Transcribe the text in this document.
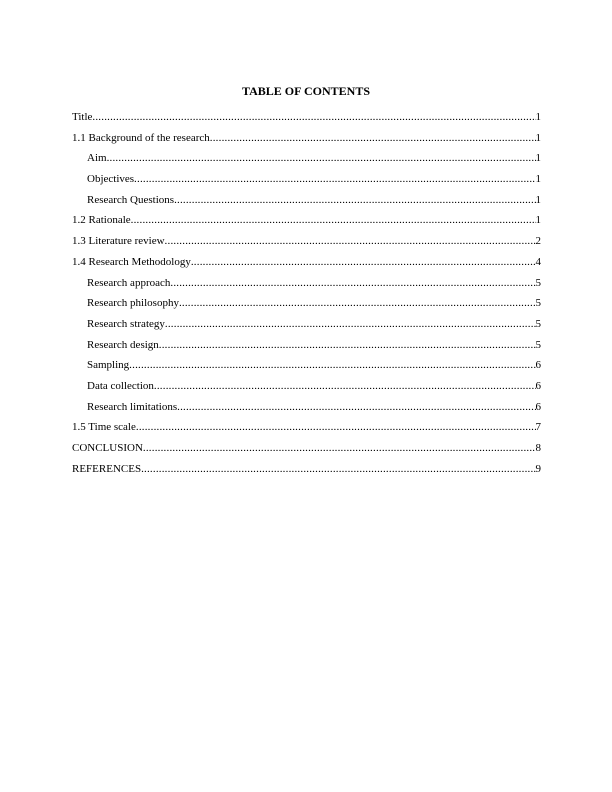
TABLE OF CONTENTS
Title .....	1
1.1 Background of the research .....	1
Aim .....	1
Objectives .....	1
Research Questions .....	1
1.2 Rationale .....	1
1.3 Literature review .....	2
1.4 Research Methodology .....	4
Research approach .....	5
Research philosophy .....	5
Research strategy .....	5
Research design .....	5
Sampling .....	6
Data collection .....	6
Research limitations .....	6
1.5 Time scale .....	7
CONCLUSION .....	8
REFERENCES .....	9
